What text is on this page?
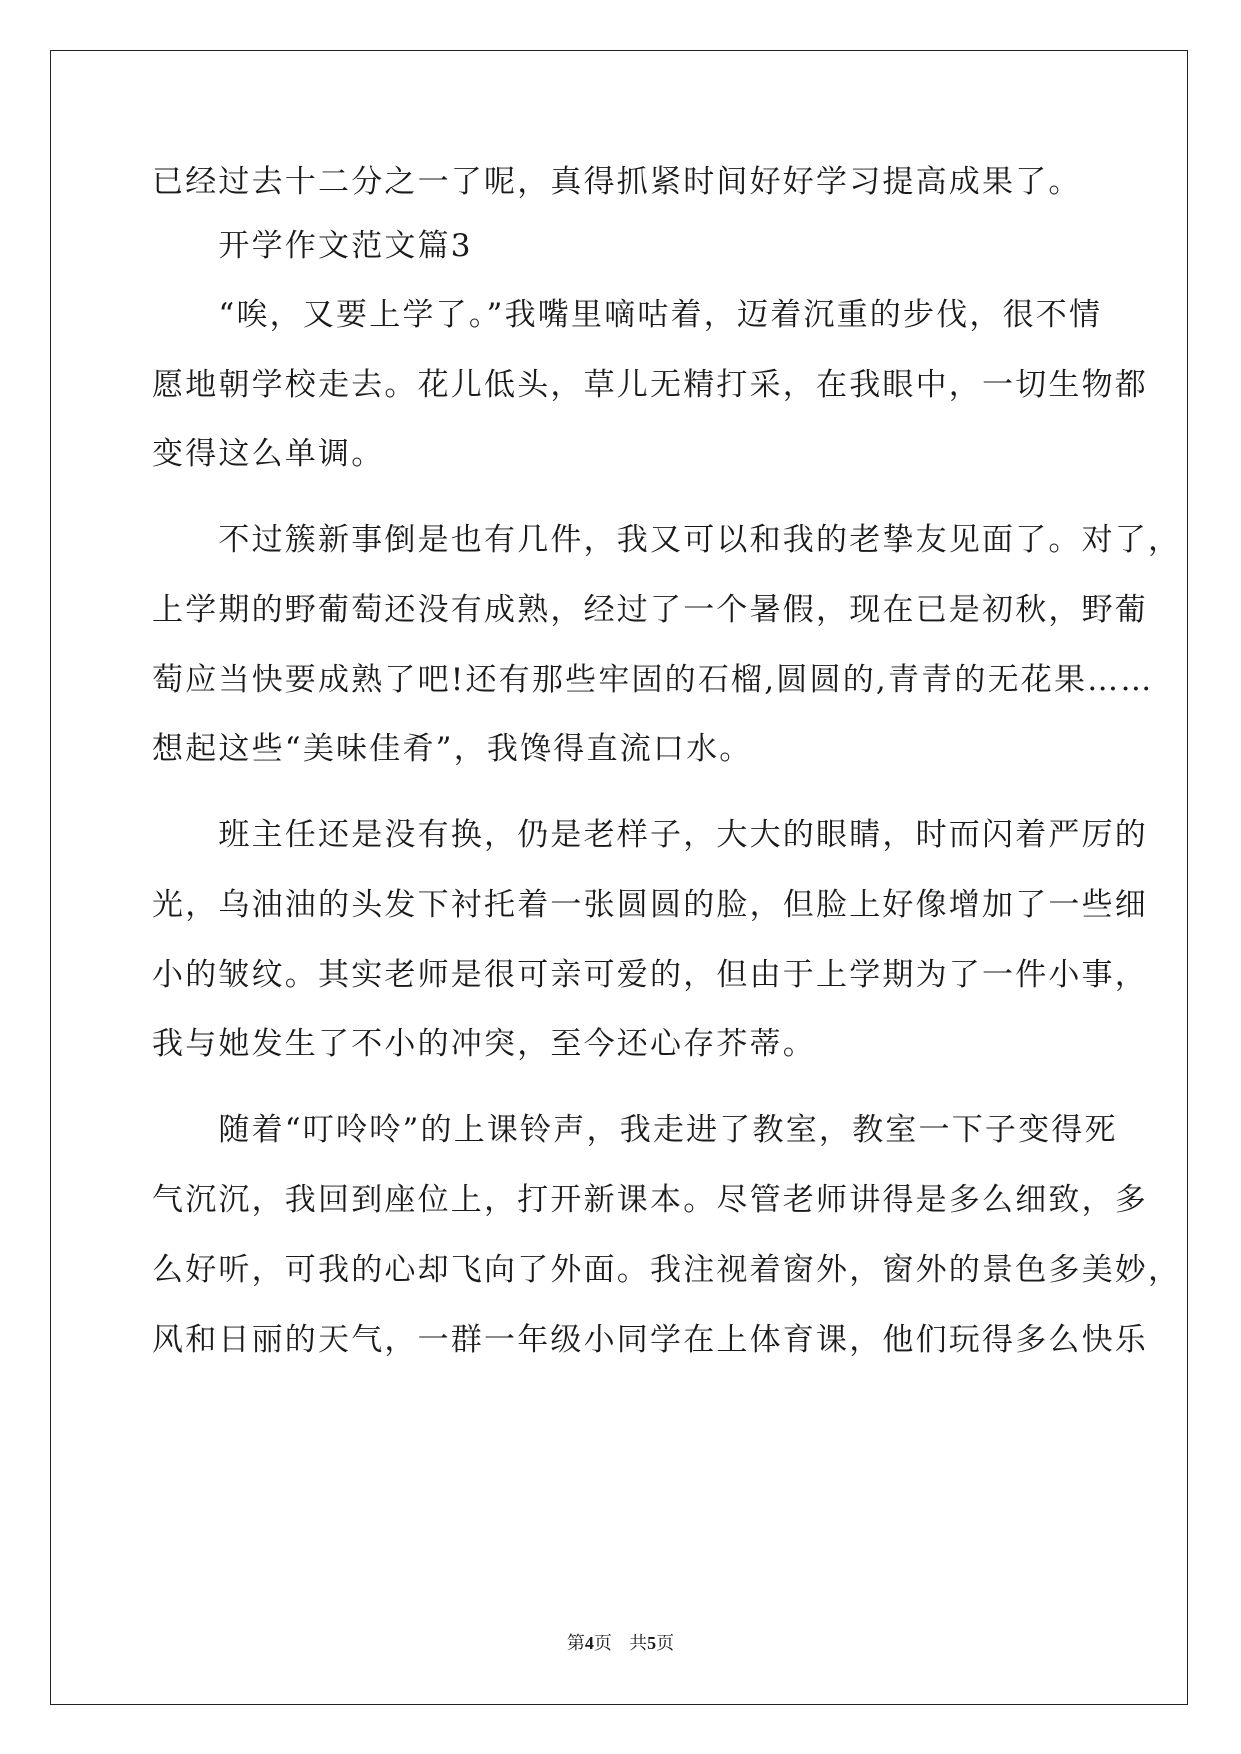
已经过去十二分之一了呢，真得抓紧时间好好学习提高成果了。
　　开学作文范文篇3
　　“唉，又要上学了。”我嘴里嘀咕着，迈着沉重的步伐，很不情
愿地朝学校走去。花儿低头，草儿无精打采，在我眼中，一切生物都
变得这么单调。
　　不过簇新事倒是也有几件，我又可以和我的老挚友见面了。对了，
上学期的野葡萄还没有成熟，经过了一个暑假，现在已是初秋，野葡
萄应当快要成熟了吧!还有那些牢固的石榴,圆圆的,青青的无花果……
想起这些“美味佳肴”，我馋得直流口水。
　　班主任还是没有换，仍是老样子，大大的眼睛，时而闪着严厉的
光，乌油油的头发下衬托着一张圆圆的脸，但脸上好像增加了一些细
小的皱纹。其实老师是很可亲可爱的，但由于上学期为了一件小事，
我与她发生了不小的冲突，至今还心存芥蒂。
　　随着“叮呤呤”的上课铃声，我走进了教室，教室一下子变得死
气沉沉，我回到座位上，打开新课本。尽管老师讲得是多么细致，多
么好听，可我的心却飞向了外面。我注视着窗外，窗外的景色多美妙，
风和日丽的天气，一群一年级小同学在上体育课，他们玩得多么快乐
第4页 共5页
